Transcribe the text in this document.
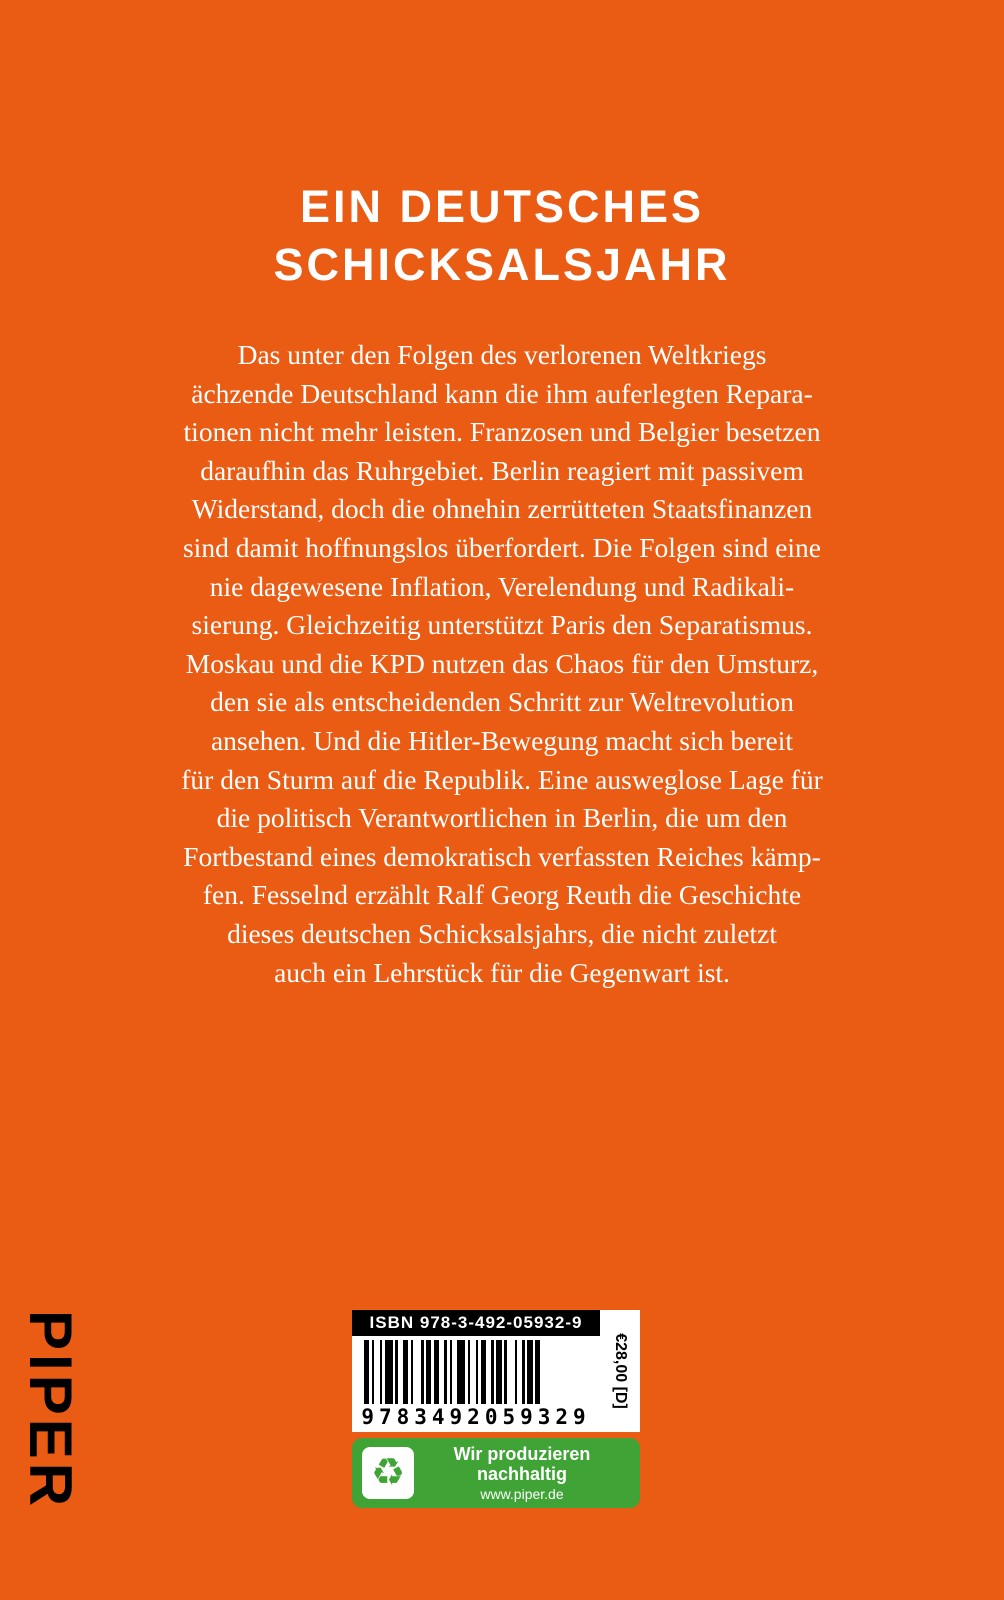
EIN DEUTSCHES
SCHICKSALSJAHR
Das unter den Folgen des verlorenen Weltkriegs
ächzende Deutschland kann die ihm auferlegten Repara-
tionen nicht mehr leisten. Franzosen und Belgier besetzen
daraufhin das Ruhrgebiet. Berlin reagiert mit passivem
Widerstand, doch die ohnehin zerrütteten Staatsfinanzen
sind damit hoffnungslos überfordert. Die Folgen sind eine
nie dagewesene Inflation, Verelendung und Radikali-
sierung. Gleichzeitig unterstützt Paris den Separatismus.
Moskau und die KPD nutzen das Chaos für den Umsturz,
den sie als entscheidenden Schritt zur Weltrevolution
ansehen. Und die Hitler-Bewegung macht sich bereit
für den Sturm auf die Republik. Eine ausweglose Lage für
die politisch Verantwortlichen in Berlin, die um den
Fortbestand eines demokratisch verfassten Reiches kämp-
fen. Fesselnd erzählt Ralf Georg Reuth die Geschichte
dieses deutschen Schicksalsjahrs, die nicht zuletzt
auch ein Lehrstück für die Gegenwart ist.
PIPER	ISBN 978-3-492-05932-9
9783492059329
€28,00 [D]
♻	Wir produzieren
nachhaltig
www.piper.de
